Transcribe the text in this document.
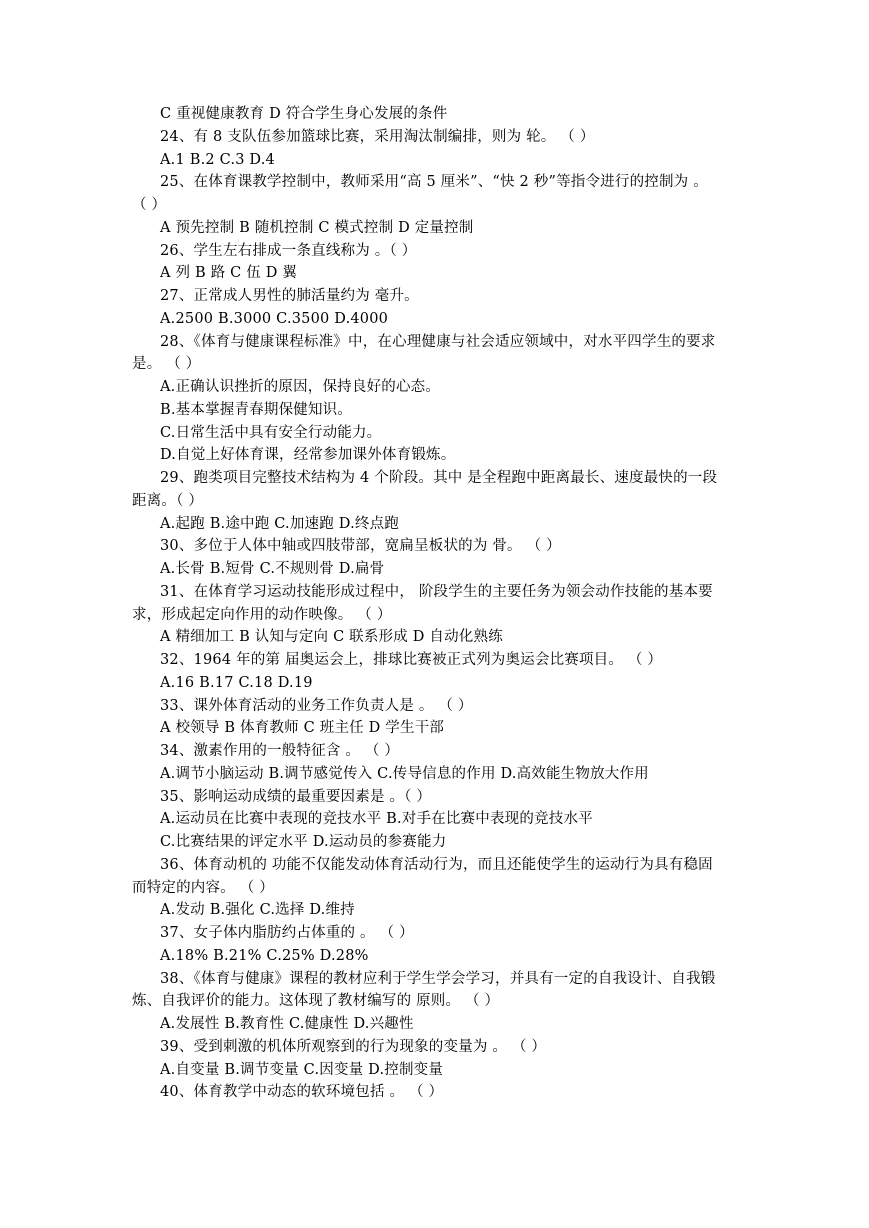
C 重视健康教育 D 符合学生身心发展的条件
24、有 8 支队伍参加篮球比赛，采用淘汰制编排，则为 轮。 （ ）
A.1 B.2 C.3 D.4
25、在体育课教学控制中，教师采用“高 5 厘米”、“快 2 秒”等指令进行的控制为 。
（ ）
A 预先控制 B 随机控制 C 模式控制 D 定量控制
26、学生左右排成一条直线称为 。（ ）
A 列 B 路 C 伍 D 翼
27、正常成人男性的肺活量约为 毫升。
A.2500 B.3000 C.3500 D.4000
28、《体育与健康课程标准》中，在心理健康与社会适应领域中，对水平四学生的要求
是。 （ ）
A.正确认识挫折的原因，保持良好的心态。
B.基本掌握青春期保健知识。
C.日常生活中具有安全行动能力。
D.自觉上好体育课，经常参加课外体育锻炼。
29、跑类项目完整技术结构为 4 个阶段。其中 是全程跑中距离最长、速度最快的一段
距离。（ ）
A.起跑 B.途中跑 C.加速跑 D.终点跑
30、多位于人体中轴或四肢带部，宽扁呈板状的为 骨。 （ ）
A.长骨 B.短骨 C.不规则骨 D.扁骨
31、在体育学习运动技能形成过程中， 阶段学生的主要任务为领会动作技能的基本要
求，形成起定向作用的动作映像。 （ ）
A 精细加工 B 认知与定向 C 联系形成 D 自动化熟练
32、1964 年的第 届奥运会上，排球比赛被正式列为奥运会比赛项目。 （ ）
A.16 B.17 C.18 D.19
33、课外体育活动的业务工作负责人是 。 （ ）
A 校领导 B 体育教师 C 班主任 D 学生干部
34、激素作用的一般特征含 。 （ ）
A.调节小脑运动 B.调节感觉传入 C.传导信息的作用 D.高效能生物放大作用
35、影响运动成绩的最重要因素是 。（ ）
A.运动员在比赛中表现的竞技水平 B.对手在比赛中表现的竞技水平
C.比赛结果的评定水平 D.运动员的参赛能力
36、体育动机的 功能不仅能发动体育活动行为，而且还能使学生的运动行为具有稳固
而特定的内容。 （ ）
A.发动 B.强化 C.选择 D.维持
37、女子体内脂肪约占体重的 。 （ ）
A.18% B.21% C.25% D.28%
38、《体育与健康》课程的教材应利于学生学会学习，并具有一定的自我设计、自我锻
炼、自我评价的能力。这体现了教材编写的 原则。 （ ）
A.发展性 B.教育性 C.健康性 D.兴趣性
39、受到刺激的机体所观察到的行为现象的变量为 。 （ ）
A.自变量 B.调节变量 C.因变量 D.控制变量
40、体育教学中动态的软环境包括 。 （ ）
